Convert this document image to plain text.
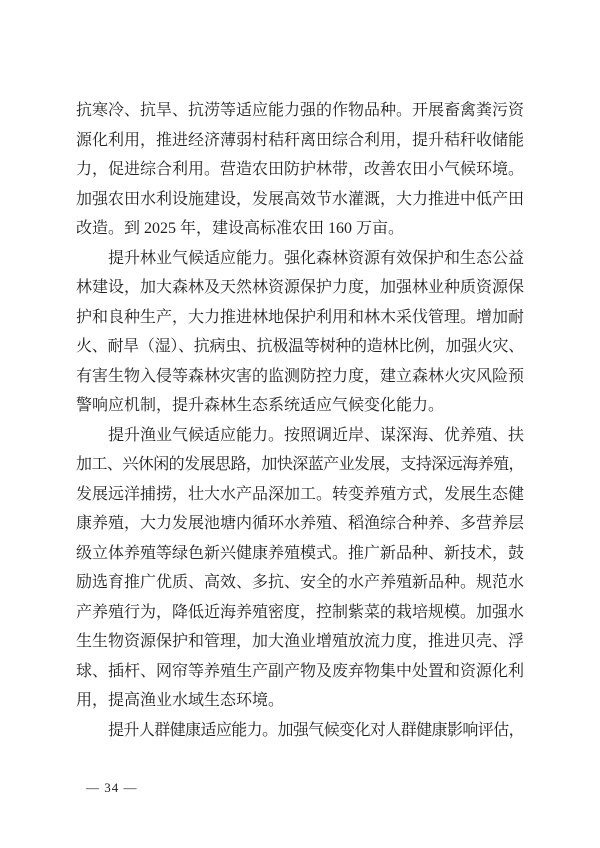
抗寒冷、抗旱、抗涝等适应能力强的作物品种。开展畜禽粪污资
源化利用，推进经济薄弱村秸秆离田综合利用，提升秸秆收储能
力，促进综合利用。营造农田防护林带，改善农田小气候环境。
加强农田水利设施建设，发展高效节水灌溉，大力推进中低产田
改造。到 2025 年，建设高标准农田 160 万亩。
提升林业气候适应能力。强化森林资源有效保护和生态公益
林建设，加大森林及天然林资源保护力度，加强林业种质资源保
护和良种生产，大力推进林地保护利用和林木采伐管理。增加耐
火、耐旱（湿）、抗病虫、抗极温等树种的造林比例，加强火灾、
有害生物入侵等森林灾害的监测防控力度，建立森林火灾风险预
警响应机制，提升森林生态系统适应气候变化能力。
提升渔业气候适应能力。按照调近岸、谋深海、优养殖、扶
加工、兴休闲的发展思路，加快深蓝产业发展，支持深远海养殖，
发展远洋捕捞，壮大水产品深加工。转变养殖方式，发展生态健
康养殖，大力发展池塘内循环水养殖、稻渔综合种养、多营养层
级立体养殖等绿色新兴健康养殖模式。推广新品种、新技术，鼓
励选育推广优质、高效、多抗、安全的水产养殖新品种。规范水
产养殖行为，降低近海养殖密度，控制紫菜的栽培规模。加强水
生生物资源保护和管理，加大渔业增殖放流力度，推进贝壳、浮
球、插杆、网帘等养殖生产副产物及废弃物集中处置和资源化利
用，提高渔业水域生态环境。
提升人群健康适应能力。加强气候变化对人群健康影响评估，
— 34 —
